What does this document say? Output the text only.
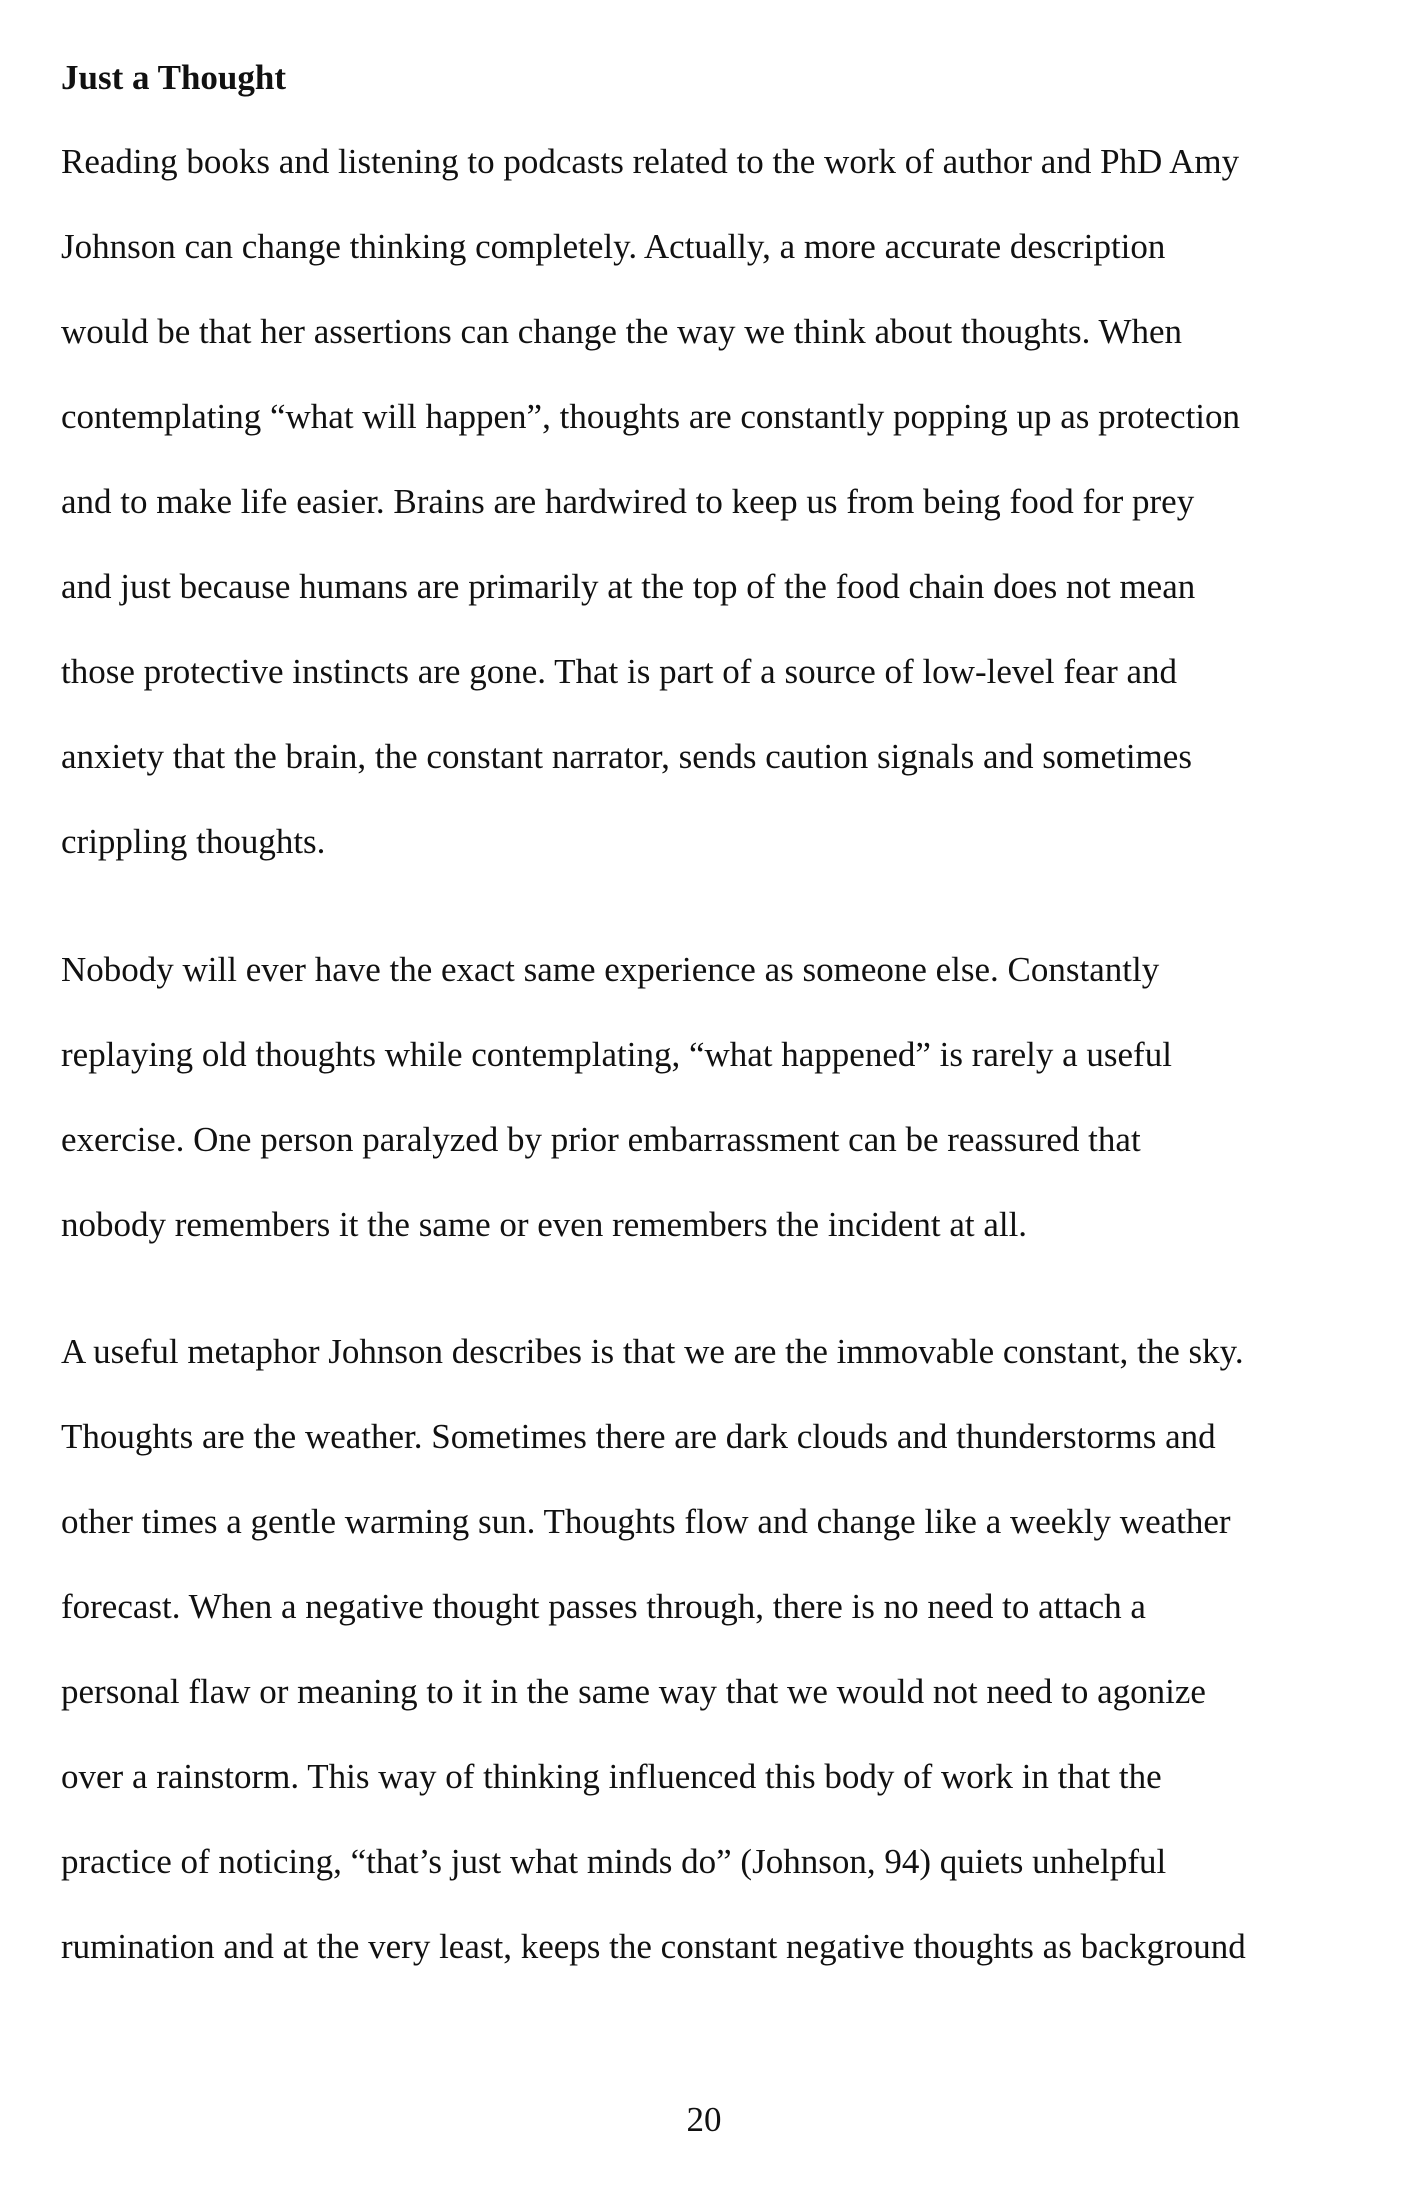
Just a Thought

Reading books and listening to podcasts related to the work of author and PhD Amy

Johnson can change thinking completely. Actually, a more accurate description

would be that her assertions can change the way we think about thoughts. When

contemplating “what will happen”, thoughts are constantly popping up as protection

and to make life easier. Brains are hardwired to keep us from being food for prey

and just because humans are primarily at the top of the food chain does not mean

those protective instincts are gone. That is part of a source of low-level fear and

anxiety that the brain, the constant narrator, sends caution signals and sometimes

crippling thoughts.

Nobody will ever have the exact same experience as someone else. Constantly

replaying old thoughts while contemplating, “what happened” is rarely a useful

exercise. One person paralyzed by prior embarrassment can be reassured that

nobody remembers it the same or even remembers the incident at all.

A useful metaphor Johnson describes is that we are the immovable constant, the sky.

Thoughts are the weather. Sometimes there are dark clouds and thunderstorms and

other times a gentle warming sun. Thoughts flow and change like a weekly weather

forecast. When a negative thought passes through, there is no need to attach a

personal flaw or meaning to it in the same way that we would not need to agonize

over a rainstorm. This way of thinking influenced this body of work in that the

practice of noticing, “that’s just what minds do” (Johnson, 94) quiets unhelpful

rumination and at the very least, keeps the constant negative thoughts as background

20
